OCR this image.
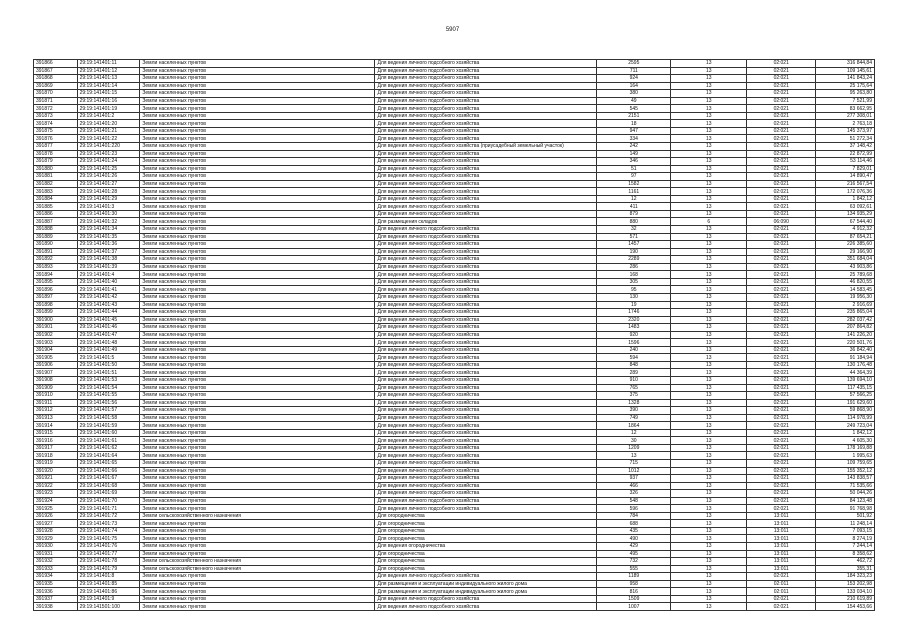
5907
391866	29:19:141401:11	Земли населенных пунктов	Для ведения личного подсобного хозяйства	2595	13	02:021	316 844,84
391867	29:19:141401:12	Земли населенных пунктов	Для ведения личного подсобного хозяйства	711	13	02:021	109 145,61
391868	29:19:141401:13	Земли населенных пунктов	Для ведения личного подсобного хозяйства	924	13	02:021	141 843,24
391869	29:19:141401:14	Земли населенных пунктов	Для ведения личного подсобного хозяйства	164	13	02:021	25 175,64
391870	29:19:141401:15	Земли населенных пунктов	Для ведения личного подсобного хозяйства	380	13	02:021	95 263,80
391871	29:19:141401:16	Земли населенных пунктов	Для ведения личного подсобного хозяйства	49	13	02:021	7 521,99
391872	29:19:141401:19	Земли населенных пунктов	Для ведения личного подсобного хозяйства	545	13	02:021	83 662,95
391873	29:19:141401:2	Земли населенных пунктов	Для ведения личного подсобного хозяйства	2151	13	02:021	277 308,01
391874	29:19:141401:20	Земли населенных пунктов	Для ведения личного подсобного хозяйства	18	13	02:021	2 763,18
391875	29:19:141401:21	Земли населенных пунктов	Для ведения личного подсобного хозяйства	947	13	02:021	145 373,97
391876	29:19:141401:22	Земли населенных пунктов	Для ведения личного подсобного хозяйства	334	13	02:021	51 272,34
391877	29:19:141401:220	Земли населенных пунктов	Для ведения личного подсобного хозяйства (приусадебный земельный участок)	242	13	02:021	37 148,42
391878	29:19:141401:23	Земли населенных пунктов	Для ведения личного подсобного хозяйства	149	13	02:021	22 872,99
391879	29:19:141401:24	Земли населенных пунктов	Для ведения личного подсобного хозяйства	346	13	02:021	53 114,46
391880	29:19:141401:25	Земли населенных пунктов	Для ведения личного подсобного хозяйства	51	13	02:021	7 829,01
391881	29:19:141401:26	Земли населенных пунктов	Для ведения личного подсобного хозяйства	97	13	02:021	14 890,47
391882	29:19:141401:27	Земли населенных пунктов	Для ведения личного подсобного хозяйства	1582	13	02:021	216 567,54
391883	29:19:141401:28	Земли населенных пунктов	Для ведения личного подсобного хозяйства	1161	13	02:021	172 076,36
391884	29:19:141401:29	Земли населенных пунктов	Для ведения личного подсобного хозяйства	12	13	02:021	1 842,12
391885	29:19:141401:3	Земли населенных пунктов	Для ведения личного подсобного хозяйства	411	13	02:021	63 092,61
391886	29:19:141401:30	Земли населенных пунктов	Для ведения личного подсобного хозяйства	879	13	02:021	134 935,29
391887	29:19:141401:32	Земли населенных пунктов	Для размещения складов	880	6	06:090	67 544,40
391888	29:19:141401:34	Земли населенных пунктов	Для ведения личного подсобного хозяйства	32	13	02:021	4 912,32
391889	29:19:141401:35	Земли населенных пунктов	Для ведения личного подсобного хозяйства	571	13	02:021	87 654,21
391890	29:19:141401:36	Земли населенных пунктов	Для ведения личного подсобного хозяйства	1457	13	02:021	226 385,60
391891	29:19:141401:37	Земли населенных пунктов	Для ведения личного подсобного хозяйства	190	13	02:021	29 166,90
391892	29:19:141401:38	Земли населенных пунктов	Для ведения личного подсобного хозяйства	2289	13	02:021	351 684,04
391893	29:19:141401:39	Земли населенных пунктов	Для ведения личного подсобного хозяйства	286	13	02:021	43 903,86
391894	29:19:141401:4	Земли населенных пунктов	Для ведения личного подсобного хозяйства	168	13	02:021	25 789,68
391895	29:19:141401:40	Земли населенных пунктов	Для ведения личного подсобного хозяйства	305	13	02:021	46 820,55
391896	29:19:141401:41	Земли населенных пунктов	Для ведения личного подсобного хозяйства	95	13	02:021	14 583,45
391897	29:19:141401:42	Земли населенных пунктов	Для ведения личного подсобного хозяйства	130	13	02:021	19 956,30
391898	29:19:141401:43	Земли населенных пунктов	Для ведения личного подсобного хозяйства	19	13	02:021	2 916,69
391899	29:19:141401:44	Земли населенных пунктов	Для ведения личного подсобного хозяйства	1746	13	02:021	235 865,04
391900	29:19:141401:45	Земли населенных пунктов	Для ведения личного подсобного хозяйства	2320	13	02:021	282 037,42
391901	29:19:141401:46	Земли населенных пунктов	Для ведения личного подсобного хозяйства	1483	13	02:021	207 864,82
391902	29:19:141401:47	Земли населенных пунктов	Для ведения личного подсобного хозяйства	920	13	02:021	141 226,20
391903	29:19:141401:48	Земли населенных пунктов	Для ведения личного подсобного хозяйства	1596	13	02:021	220 501,76
391904	29:19:141401:49	Земли населенных пунктов	Для ведения личного подсобного хозяйства	240	13	02:021	36 842,40
391905	29:19:141401:5	Земли населенных пунктов	Для ведения личного подсобного хозяйства	594	13	02:021	91 184,94
391906	29:19:141401:50	Земли населенных пунктов	Для ведения личного подсобного хозяйства	848	13	02:021	130 176,48
391907	29:19:141401:51	Земли населенных пунктов	Для ведения личного подсобного хозяйства	289	13	02:021	44 364,39
391908	29:19:141401:53	Земли населенных пунктов	Для ведения личного подсобного хозяйства	910	13	02:021	139 694,10
391909	29:19:141401:54	Земли населенных пунктов	Для ведения личного подсобного хозяйства	765	13	02:021	117 435,15
391910	29:19:141401:55	Земли населенных пунктов	Для ведения личного подсобного хозяйства	375	13	02:021	57 566,25
391911	29:19:141401:56	Земли населенных пунктов	Для ведения личного подсобного хозяйства	1328	13	02:021	191 629,60
391912	29:19:141401:57	Земли населенных пунктов	Для ведения личного подсобного хозяйства	390	13	02:021	59 868,90
391913	29:19:141401:58	Земли населенных пунктов	Для ведения личного подсобного хозяйства	749	13	02:021	114 978,99
391914	29:19:141401:59	Земли населенных пунктов	Для ведения личного подсобного хозяйства	1864	13	02:021	249 723,04
391915	29:19:141401:60	Земли населенных пунктов	Для ведения личного подсобного хозяйства	12	13	02:021	1 842,12
391916	29:19:141401:61	Земли населенных пунктов	Для ведения личного подсобного хозяйства	30	13	02:021	4 605,30
391917	29:19:141401:62	Земли населенных пунктов	Для ведения личного подсобного хозяйства	1209	13	02:021	178 169,88
391918	29:19:141401:64	Земли населенных пунктов	Для ведения личного подсобного хозяйства	13	13	02:021	1 995,63
391919	29:19:141401:65	Земли населенных пунктов	Для ведения личного подсобного хозяйства	715	13	02:021	109 759,65
391920	29:19:141401:66	Земли населенных пунктов	Для ведения личного подсобного хозяйства	1012	13	02:021	155 352,12
391921	29:19:141401:67	Земли населенных пунктов	Для ведения личного подсобного хозяйства	937	13	02:021	143 838,57
391922	29:19:141401:68	Земли населенных пунктов	Для ведения личного подсобного хозяйства	466	13	02:021	71 535,66
391923	29:19:141401:69	Земли населенных пунктов	Для ведения личного подсобного хозяйства	326	13	02:021	50 044,26
391924	29:19:141401:70	Земли населенных пунктов	Для ведения личного подсобного хозяйства	548	13	02:021	84 123,48
391925	29:19:141401:71	Земли населенных пунктов	Для ведения личного подсобного хозяйства	596	13	02:021	91 768,98
391926	29:19:141401:72	Земли сельскохозяйственного назначения	Для огородничества	784	13	13:011	501,92
391927	29:19:141401:73	Земли населенных пунктов	Для огородничества	688	13	13:011	11 248,14
391928	29:19:141401:74	Земли населенных пунктов	Для огородничества	435	13	13:011	7 093,15
391929	29:19:141401:75	Земли населенных пунктов	Для огородничества	490	13	13:011	8 274,19
391930	29:19:141401:76	Земли населенных пунктов	Для ведения огородничества	429	13	13:011	7 244,14
391931	29:19:141401:77	Земли населенных пунктов	Для огородничества	495	13	13:011	8 358,62
391932	29:19:141401:78	Земли сельскохозяйственного назначения	Для огородничества	732	13	13:011	462,72
391933	29:19:141401:79	Земли сельскохозяйственного назначения	Для огородничества	555	13	13:011	355,31
391934	29:19:141401:8	Земли населенных пунктов	Для ведения личного подсобного хозяйства	1189	13	02:021	184 323,23
391935	29:19:141401:85	Земли населенных пунктов	Для размещения и эксплуатации индивидуального жилого дома	958	13	02:011	153 202,98
391936	29:19:141401:86	Земли населенных пунктов	Для размещения и эксплуатации индивидуального жилого дома	816	13	02:011	133 034,10
391937	29:19:141401:9	Земли населенных пунктов	Для ведения личного подсобного хозяйства	1509	13	02:021	210 619,89
391938	29:19:141501:100	Земли населенных пунктов	Для ведения личного подсобного хозяйства	1007	13	02:021	154 453,66
